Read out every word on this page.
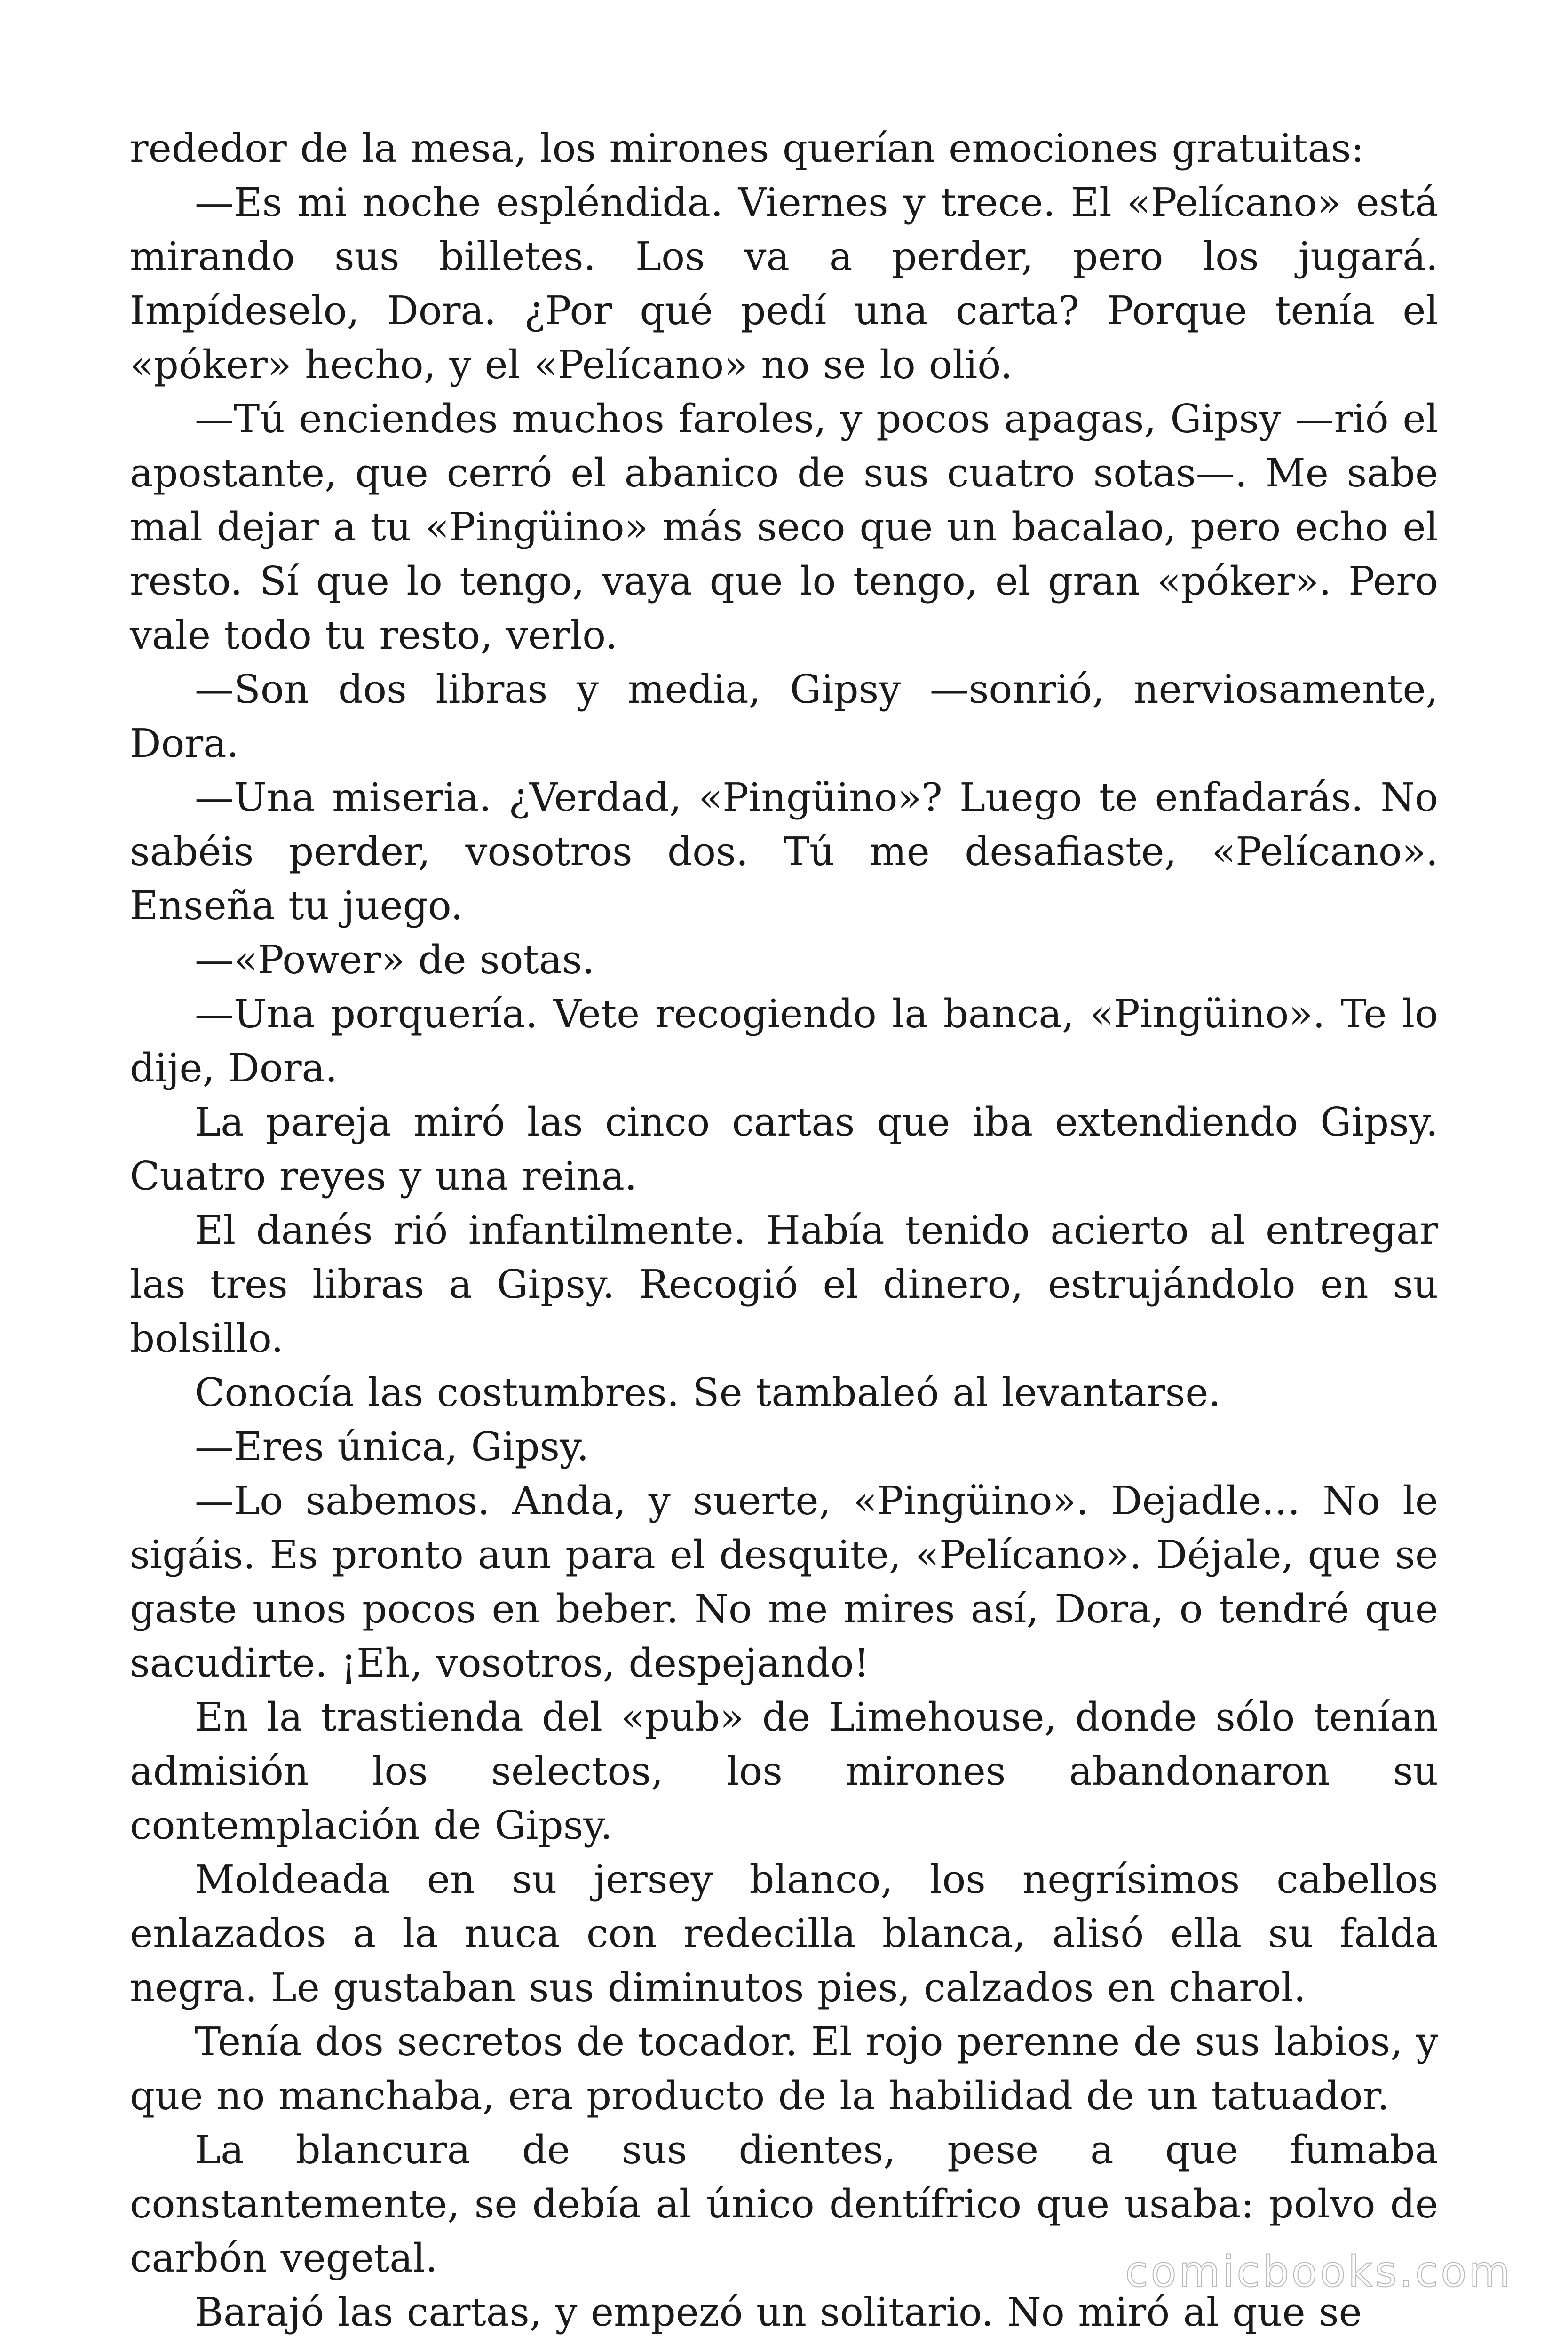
rededor de la mesa, los mirones querían emociones gratuitas:

—Es mi noche espléndida. Viernes y trece. El «Pelícano» está mirando sus billetes. Los va a perder, pero los jugará. Impídeselo, Dora. ¿Por qué pedí una carta? Porque tenía el «póker» hecho, y el «Pelícano» no se lo olió.

—Tú enciendes muchos faroles, y pocos apagas, Gipsy —rió el apostante, que cerró el abanico de sus cuatro sotas—. Me sabe mal dejar a tu «Pingüino» más seco que un bacalao, pero echo el resto. Sí que lo tengo, vaya que lo tengo, el gran «póker». Pero vale todo tu resto, verlo.

—Son dos libras y media, Gipsy —sonrió, nerviosamente, Dora.

—Una miseria. ¿Verdad, «Pingüino»? Luego te enfadarás. No sabéis perder, vosotros dos. Tú me desafiaste, «Pelícano». Enseña tu juego.

—«Power» de sotas.

—Una porquería. Vete recogiendo la banca, «Pingüino». Te lo dije, Dora.

La pareja miró las cinco cartas que iba extendiendo Gipsy. Cuatro reyes y una reina.

El danés rió infantilmente. Había tenido acierto al entregar las tres libras a Gipsy. Recogió el dinero, estrujándolo en su bolsillo.

Conocía las costumbres. Se tambaleó al levantarse.

—Eres única, Gipsy.

—Lo sabemos. Anda, y suerte, «Pingüino». Dejadle… No le sigáis. Es pronto aun para el desquite, «Pelícano». Déjale, que se gaste unos pocos en beber. No me mires así, Dora, o tendré que sacudirte. ¡Eh, vosotros, despejando!

En la trastienda del «pub» de Limehouse, donde sólo tenían admisión los selectos, los mirones abandonaron su contemplación de Gipsy.

Moldeada en su jersey blanco, los negrísimos cabellos enlazados a la nuca con redecilla blanca, alisó ella su falda negra. Le gustaban sus diminutos pies, calzados en charol.

Tenía dos secretos de tocador. El rojo perenne de sus labios, y que no manchaba, era producto de la habilidad de un tatuador.

La blancura de sus dientes, pese a que fumaba constantemente, se debía al único dentífrico que usaba: polvo de carbón vegetal.

Barajó las cartas, y empezó un solitario. No miró al que se

comicbooks.com
